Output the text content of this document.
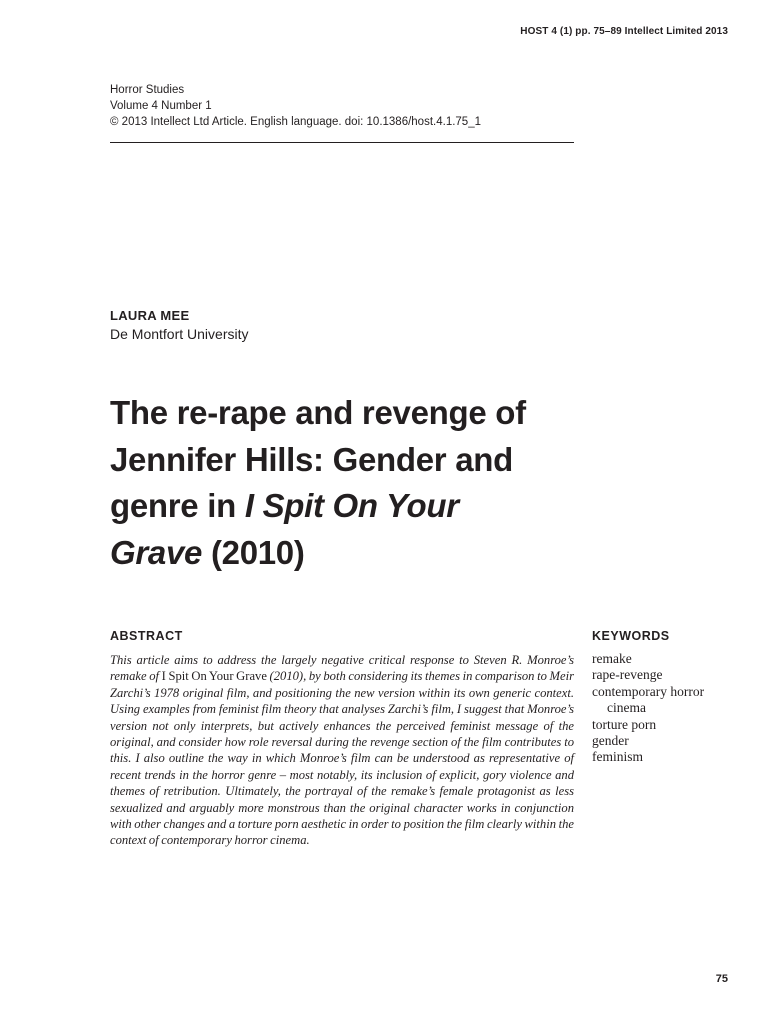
HOST 4 (1) pp. 75–89 Intellect Limited 2013
Horror Studies
Volume 4 Number 1
© 2013 Intellect Ltd Article. English language. doi: 10.1386/host.4.1.75_1
LAURA MEE
De Montfort University
The re-rape and revenge of Jennifer Hills: Gender and genre in I Spit On Your Grave (2010)
ABSTRACT
This article aims to address the largely negative critical response to Steven R. Monroe’s remake of I Spit On Your Grave (2010), by both considering its themes in comparison to Meir Zarchi’s 1978 original film, and positioning the new version within its own generic context. Using examples from feminist film theory that analyses Zarchi’s film, I suggest that Monroe’s version not only interprets, but actively enhances the perceived feminist message of the original, and consider how role reversal during the revenge section of the film contributes to this. I also outline the way in which Monroe’s film can be understood as representative of recent trends in the horror genre – most notably, its inclusion of explicit, gory violence and themes of retribution. Ultimately, the portrayal of the remake’s female protagonist as less sexualized and arguably more monstrous than the original character works in conjunction with other changes and a torture porn aesthetic in order to position the film clearly within the context of contemporary horror cinema.
KEYWORDS
remake
rape-revenge
contemporary horror cinema
torture porn
gender
feminism
75
